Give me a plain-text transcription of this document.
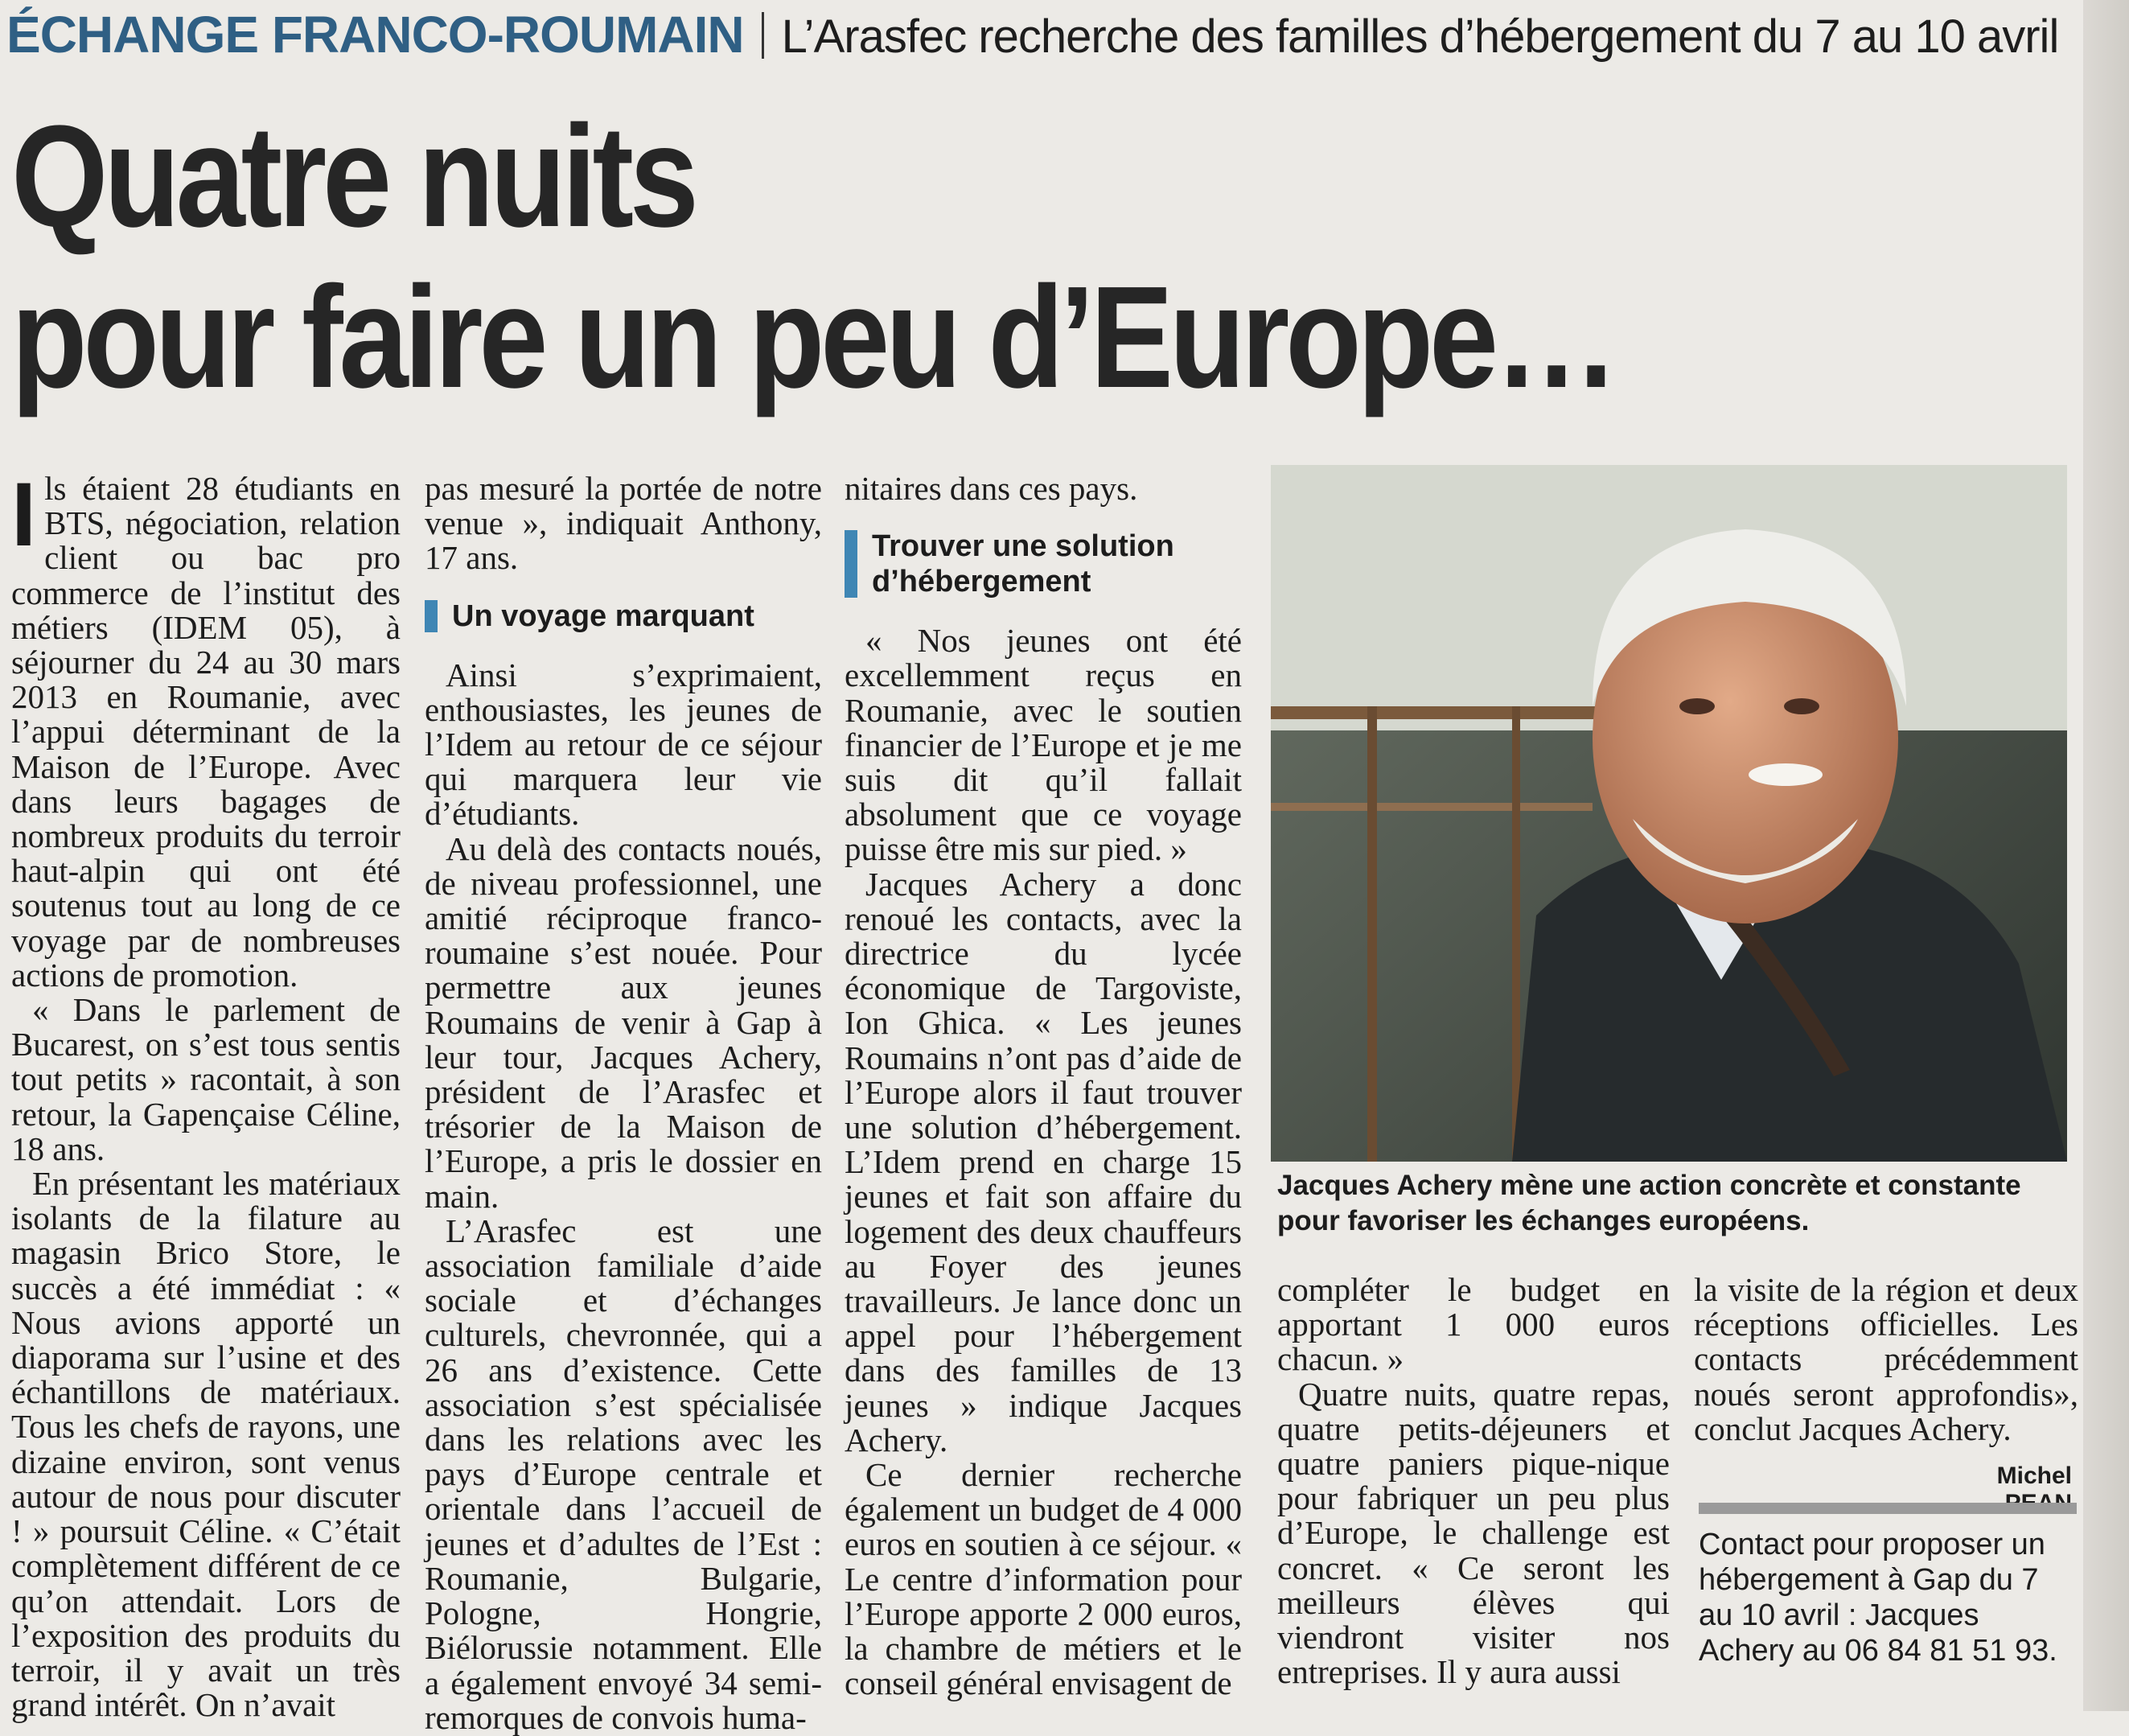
ÉCHANGE FRANCO-ROUMAIN L’Arasfec recherche des familles d’hébergement du 7 au 10 avril
Quatre nuits
pour faire un peu d’Europe…

Ils étaient 28 étudiants en BTS, négociation, relation client ou bac pro commerce de l’institut des métiers (IDEM 05), à séjourner du 24 au 30 mars 2013 en Roumanie, avec l’appui déterminant de la Maison de l’Europe. Avec dans leurs bagages de nombreux produits du terroir haut-alpin qui ont été soutenus tout au long de ce voyage par de nombreuses actions de promotion.

« Dans le parlement de Bucarest, on s’est tous sentis tout petits » racontait, à son retour, la Gapençaise Céline, 18 ans.

En présentant les matériaux isolants de la filature au magasin Brico Store, le succès a été immédiat : « Nous avions apporté un diaporama sur l’usine et des échantillons de matériaux. Tous les chefs de rayons, une dizaine environ, sont venus autour de nous pour discuter ! » poursuit Céline. « C’était complètement différent de ce qu’on attendait. Lors de l’exposition des produits du terroir, il y avait un très grand intérêt. On n’avait

pas mesuré la portée de notre venue », indiquait Anthony, 17 ans.

Un voyage marquant

Ainsi s’exprimaient, enthousiastes, les jeunes de l’Idem au retour de ce séjour qui marquera leur vie d’étudiants.

Au delà des contacts noués, de niveau professionnel, une amitié réciproque franco-roumaine s’est nouée. Pour permettre aux jeunes Roumains de venir à Gap à leur tour, Jacques Achery, président de l’Arasfec et trésorier de la Maison de l’Europe, a pris le dossier en main.

L’Arasfec est une association familiale d’aide sociale et d’échanges culturels, chevronnée, qui a 26 ans d’existence. Cette association s’est spécialisée dans les relations avec les pays d’Europe centrale et orientale dans l’accueil de jeunes et d’adultes de l’Est : Roumanie, Bulgarie, Pologne, Hongrie, Biélorussie notamment. Elle a également envoyé 34 semi-remorques de convois huma-

nitaires dans ces pays.

Trouver une solution d’hébergement

« Nos jeunes ont été excellemment reçus en Roumanie, avec le soutien financier de l’Europe et je me suis dit qu’il fallait absolument que ce voyage puisse être mis sur pied. »

Jacques Achery a donc renoué les contacts, avec la directrice du lycée économique de Targoviste, Ion Ghica. « Les jeunes Roumains n’ont pas d’aide de l’Europe alors il faut trouver une solution d’hébergement. L’Idem prend en charge 15 jeunes et fait son affaire du logement des deux chauffeurs au Foyer des jeunes travailleurs. Je lance donc un appel pour l’hébergement dans des familles de 13 jeunes » indique Jacques Achery.

Ce dernier recherche également un budget de 4 000 euros en soutien à ce séjour. « Le centre d’information pour l’Europe apporte 2 000 euros, la chambre de métiers et le conseil général envisagent de

compléter le budget en apportant 1 000 euros chacun. »

Quatre nuits, quatre repas, quatre petits-déjeuners et quatre paniers pique-nique pour fabriquer un peu plus d’Europe, le challenge est concret. « Ce seront les meilleurs élèves qui viendront visiter nos entreprises. Il y aura aussi

la visite de la région et deux réceptions officielles. Les contacts précédemment noués seront approfondis», conclut Jacques Achery.

Jacques Achery mène une action concrète et constante pour favoriser les échanges européens.
Michel
Contact pour proposer un hébergement à Gap du 7 au 10 avril : Jacques Achery au 06 84 81 51 93.
